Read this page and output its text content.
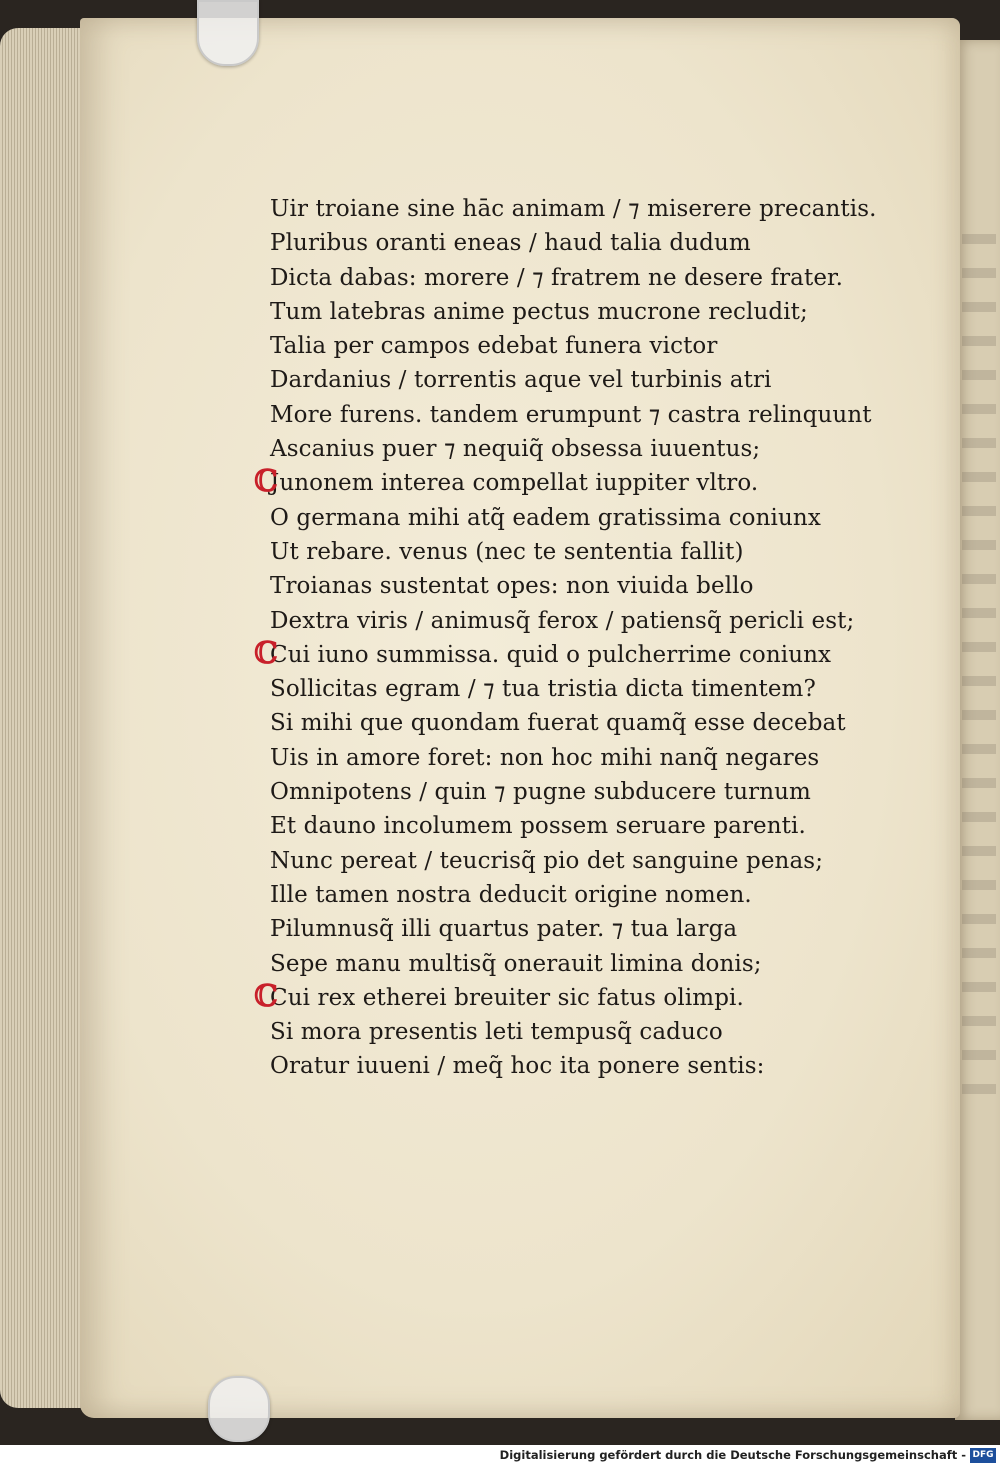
Uir troiane sine hāc animam / ⁊ miserere precantis.
Pluribus oranti eneas / haud talia dudum
Dicta dabas: morere / ⁊ fratrem ne desere frater.
Tum latebras anime pectus mucrone recludit;
Talia per campos edebat funera victor
Dardanius / torrentis aque vel turbinis atri
More furens. tandem erumpunt ⁊ castra relinquunt
Ascanius puer ⁊ nequiq̃ obsessa iuuentus;
ℂ
Junonem interea compellat iuppiter vltro.
O germana mihi atq̃ eadem gratissima coniunx
Ut rebare. venus (nec te sententia fallit)
Troianas sustentat opes: non viuida bello
Dextra viris / animusq̃ ferox / patiensq̃ pericli est;
ℂ
Cui iuno summissa. quid o pulcherrime coniunx
Sollicitas egram / ⁊ tua tristia dicta timentem?
Si mihi que quondam fuerat quamq̃ esse decebat
Uis in amore foret: non hoc mihi nanq̃ negares
Omnipotens / quin ⁊ pugne subducere turnum
Et dauno incolumem possem seruare parenti.
Nunc pereat / teucrisq̃ pio det sanguine penas;
Ille tamen nostra deducit origine nomen.
Pilumnusq̃ illi quartus pater. ⁊ tua larga
Sepe manu multisq̃ onerauit limina donis;
ℂ
Cui rex etherei breuiter sic fatus olimpi.
Si mora presentis leti tempusq̃ caduco
Oratur iuueni / meq̃ hoc ita ponere sentis:
Digitalisierung gefördert durch die Deutsche Forschungsgemeinschaft - DFG
